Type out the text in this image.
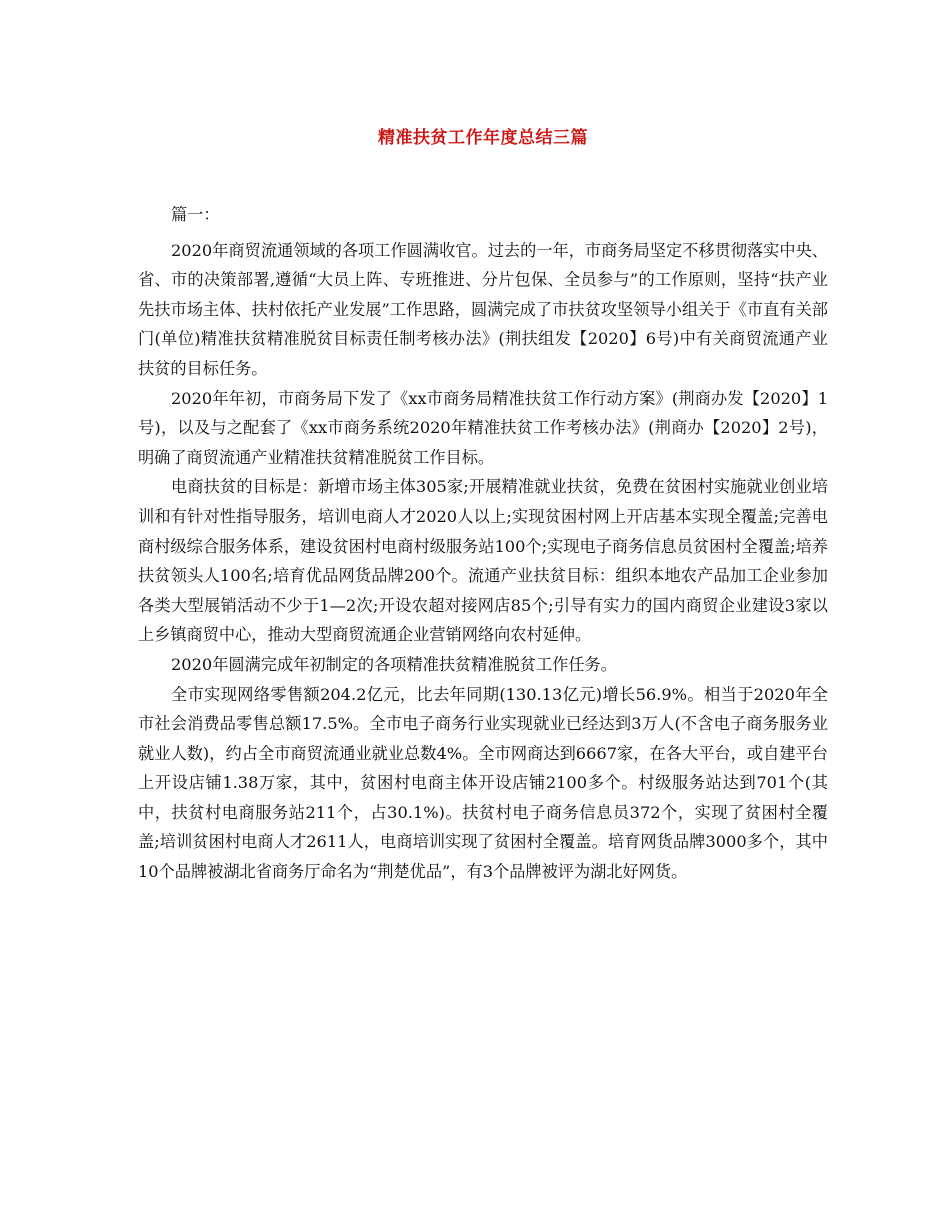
精准扶贫工作年度总结三篇

篇一：

2020年商贸流通领域的各项工作圆满收官。过去的一年，市商务局坚定不移贯彻落实中央、省、市的决策部署,遵循“大员上阵、专班推进、分片包保、全员参与”的工作原则，坚持“扶产业先扶市场主体、扶村依托产业发展”工作思路，圆满完成了市扶贫攻坚领导小组关于《市直有关部门(单位)精准扶贫精准脱贫目标责任制考核办法》(荆扶组发【2020】6号)中有关商贸流通产业扶贫的目标任务。

2020年年初，市商务局下发了《xx市商务局精准扶贫工作行动方案》(荆商办发【2020】1号)，以及与之配套了《xx市商务系统2020年精准扶贫工作考核办法》(荆商办【2020】2号)，明确了商贸流通产业精准扶贫精准脱贫工作目标。

电商扶贫的目标是：新增市场主体305家;开展精准就业扶贫，免费在贫困村实施就业创业培训和有针对性指导服务，培训电商人才2020人以上;实现贫困村网上开店基本实现全覆盖;完善电商村级综合服务体系，建设贫困村电商村级服务站100个;实现电子商务信息员贫困村全覆盖;培养扶贫领头人100名;培育优品网货品牌200个。流通产业扶贫目标：组织本地农产品加工企业参加各类大型展销活动不少于1—2次;开设农超对接网店85个;引导有实力的国内商贸企业建设3家以上乡镇商贸中心，推动大型商贸流通企业营销网络向农村延伸。

2020年圆满完成年初制定的各项精准扶贫精准脱贫工作任务。

全市实现网络零售额204.2亿元，比去年同期(130.13亿元)增长56.9%。相当于2020年全市社会消费品零售总额17.5%。全市电子商务行业实现就业已经达到3万人(不含电子商务服务业就业人数)，约占全市商贸流通业就业总数4%。全市网商达到6667家，在各大平台，或自建平台上开设店铺1.38万家，其中，贫困村电商主体开设店铺2100多个。村级服务站达到701个(其中，扶贫村电商服务站211个，占30.1%)。扶贫村电子商务信息员372个，实现了贫困村全覆盖;培训贫困村电商人才2611人，电商培训实现了贫困村全覆盖。培育网货品牌3000多个，其中10个品牌被湖北省商务厅命名为“荆楚优品”，有3个品牌被评为湖北好网货。
